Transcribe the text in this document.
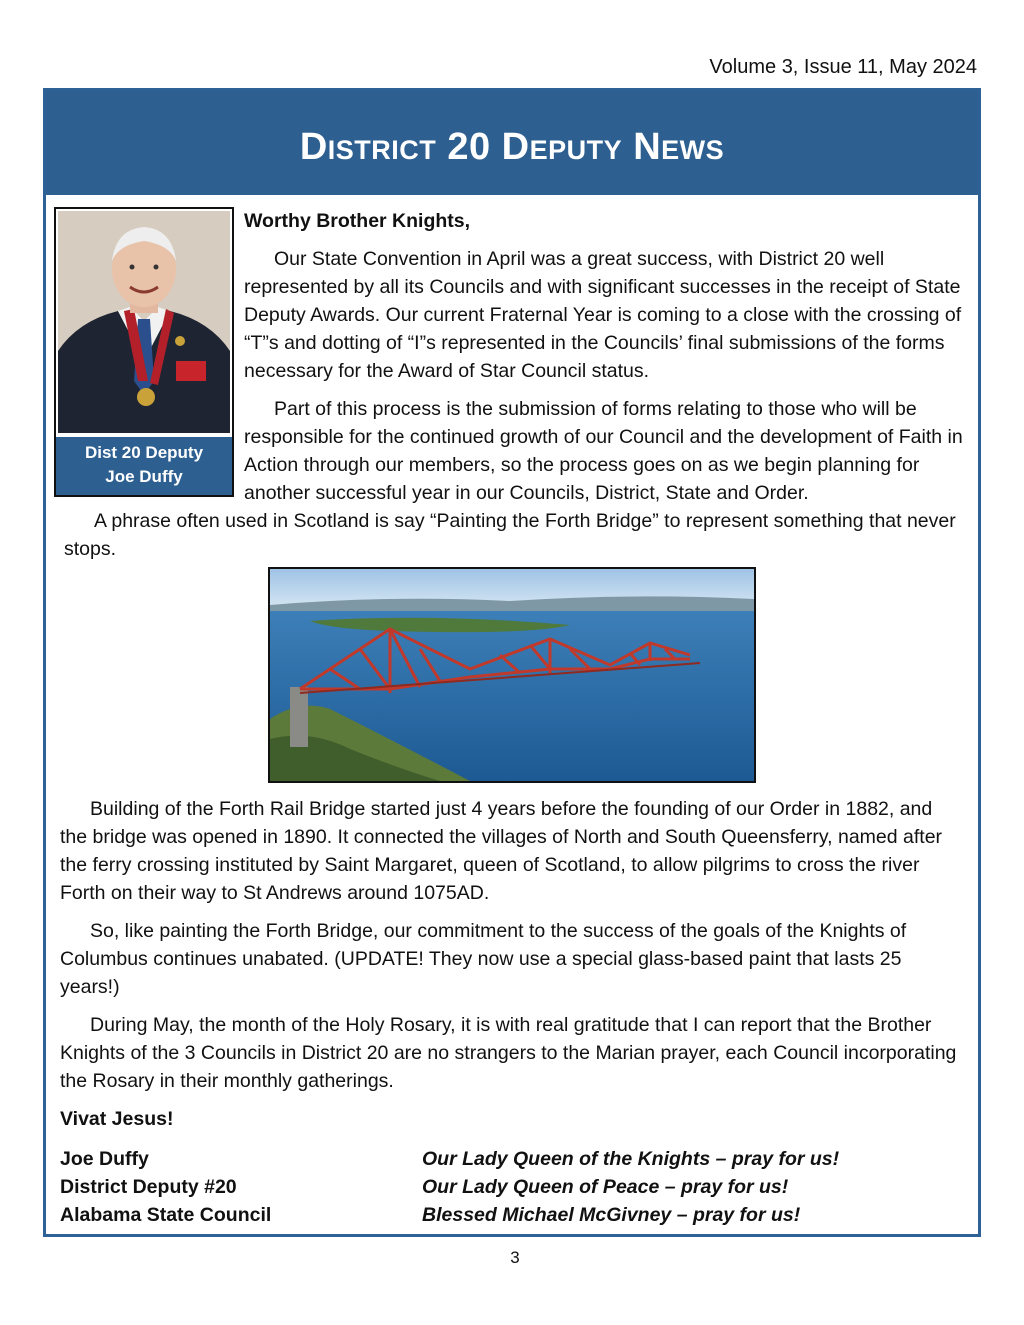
Volume 3, Issue 11, May 2024
District 20 Deputy News
Dist 20 Deputy
Joe Duffy

Worthy Brother Knights,

Our State Convention in April was a great success, with District 20 well represented by all its Councils and with significant successes in the receipt of State Deputy Awards. Our current Fraternal Year is coming to a close with the crossing of “T”s and dotting of “I”s represented in the Councils’ final submissions of the forms necessary for the Award of Star Council status.

Part of this process is the submission of forms relating to those who will be responsible for the continued growth of our Council and the development of Faith in Action through our members, so the process goes on as we begin planning for another successful year in our Councils, District, State and Order.

A phrase often used in Scotland is say “Painting the Forth Bridge” to represent something that never stops.

Building of the Forth Rail Bridge started just 4 years before the founding of our Order in 1882, and the bridge was opened in 1890. It connected the villages of North and South Queensferry, named after the ferry crossing instituted by Saint Margaret, queen of Scotland, to allow pilgrims to cross the river Forth on their way to St Andrews around 1075AD.

So, like painting the Forth Bridge, our commitment to the success of the goals of the Knights of Columbus continues unabated. (UPDATE! They now use a special glass-based paint that lasts 25 years!)

During May, the month of the Holy Rosary, it is with real gratitude that I can report that the Brother Knights of the 3 Councils in District 20 are no strangers to the Marian prayer, each Council incorporating the Rosary in their monthly gatherings.

Vivat Jesus!

Joe Duffy
District Deputy #20
Alabama State Council
Our Lady Queen of the Knights – pray for us!
Our Lady Queen of Peace – pray for us!
Blessed Michael McGivney – pray for us!
3
